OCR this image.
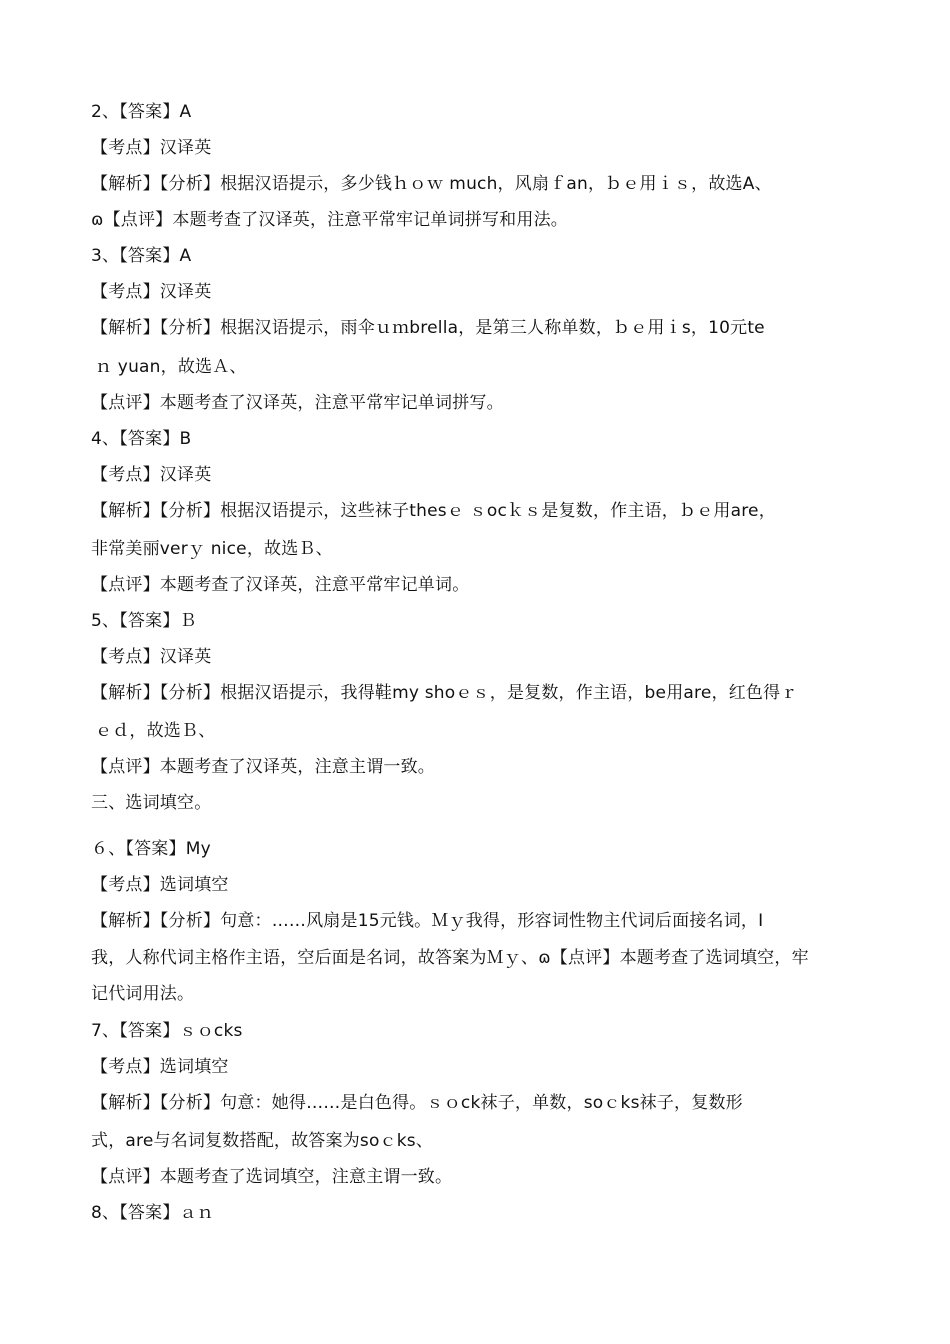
2、【答案】A
【考点】汉译英
【解析】【分析】根据汉语提示，多少钱ｈｏｗ much，风扇ｆan，ｂｅ用ｉｓ，故选A、
ɷ【点评】本题考查了汉译英，注意平常牢记单词拼写和用法。
3、【答案】A
【考点】汉译英
【解析】【分析】根据汉语提示，雨伞ｕｍbrella，是第三人称单数，ｂｅ用ｉs，10元te
ｎ yuan，故选Ａ、
【点评】本题考查了汉译英，注意平常牢记单词拼写。
4、【答案】B
【考点】汉译英
【解析】【分析】根据汉语提示，这些袜子thesｅ ｓocｋｓ是复数，作主语，ｂｅ用are，
非常美丽verｙ nice，故选Ｂ、
【点评】本题考查了汉译英，注意平常牢记单词。
5、【答案】Ｂ
【考点】汉译英
【解析】【分析】根据汉语提示，我得鞋my shoｅｓ，是复数，作主语，be用are，红色得ｒ
ｅｄ，故选Ｂ、
【点评】本题考查了汉译英，注意主谓一致。
三、选词填空。
６、【答案】My
【考点】选词填空
【解析】【分析】句意：……风扇是15元钱。Ｍｙ我得，形容词性物主代词后面接名词，I
我，人称代词主格作主语，空后面是名词，故答案为Ｍｙ、ɷ【点评】本题考查了选词填空，牢
记代词用法。
7、【答案】ｓｏcks
【考点】选词填空
【解析】【分析】句意：她得……是白色得。ｓｏck袜子，单数，soｃks袜子，复数形
式，are与名词复数搭配，故答案为soｃks、
【点评】本题考查了选词填空，注意主谓一致。
8、【答案】ａｎ
